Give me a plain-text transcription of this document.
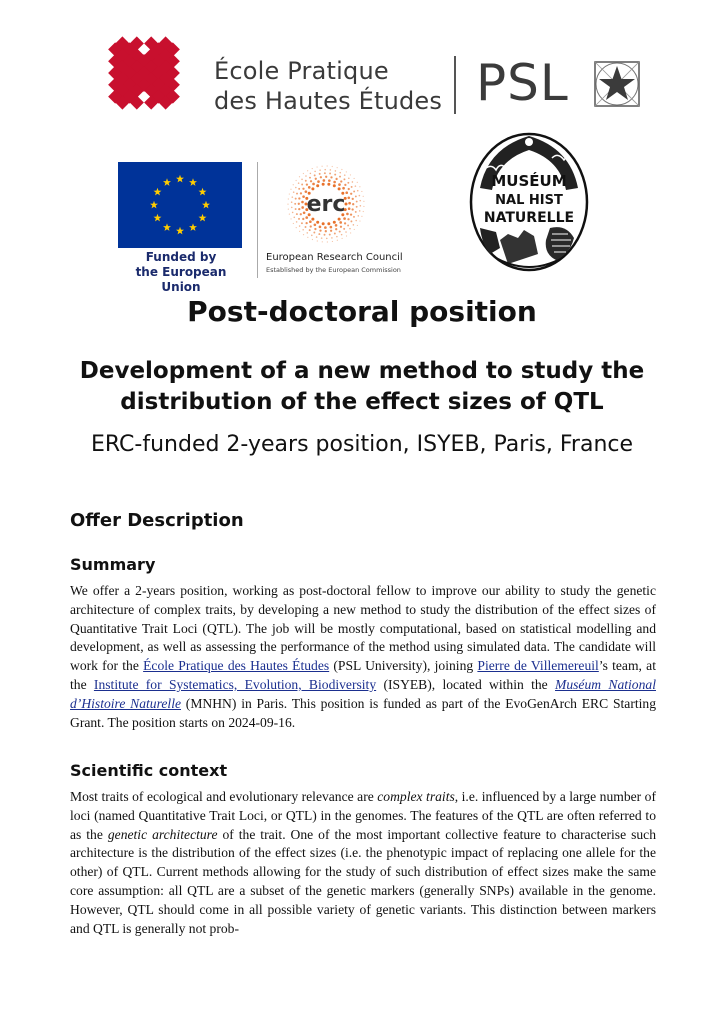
École Pratique
des Hautes Études PSL
Funded by
the European Union
erc
European Research Council
Established by the European Commission
MUSÉUM
NAL HIST
NATURELLE
Post-doctoral position
Development of a new method to study the
distribution of the effect sizes of QTL
ERC-funded 2-years position, ISYEB, Paris, France
Offer Description
Summary
We offer a 2-years position, working as post-doctoral fellow to improve our ability to study the genetic architecture of complex traits, by developing a new method to study the distribution of the effect sizes of Quantitative Trait Loci (QTL). The job will be mostly computational, based on statistical modelling and development, as well as assessing the performance of the method using simulated data. The candidate will work for the École Pratique des Hautes Études (PSL University), joining Pierre de Villemereuil’s team, at the Institute for Systematics, Evolution, Biodiversity (ISYEB), located within the Muséum National d’Histoire Naturelle (MNHN) in Paris. This position is funded as part of the EvoGenArch ERC Starting Grant. The position starts on 2024-09-16.
Scientific context
Most traits of ecological and evolutionary relevance are complex traits, i.e. influenced by a large number of loci (named Quantitative Trait Loci, or QTL) in the genomes. The features of the QTL are often referred to as the genetic architecture of the trait. One of the most important collective feature to characterise such architecture is the distribution of the effect sizes (i.e. the phenotypic impact of replacing one allele for the other) of QTL. Current methods allowing for the study of such distribution of effect sizes make the same core assumption: all QTL are a subset of the genetic markers (generally SNPs) available in the genome. However, QTL should come in all possible variety of genetic variants. This distinction between markers and QTL is generally not prob-
